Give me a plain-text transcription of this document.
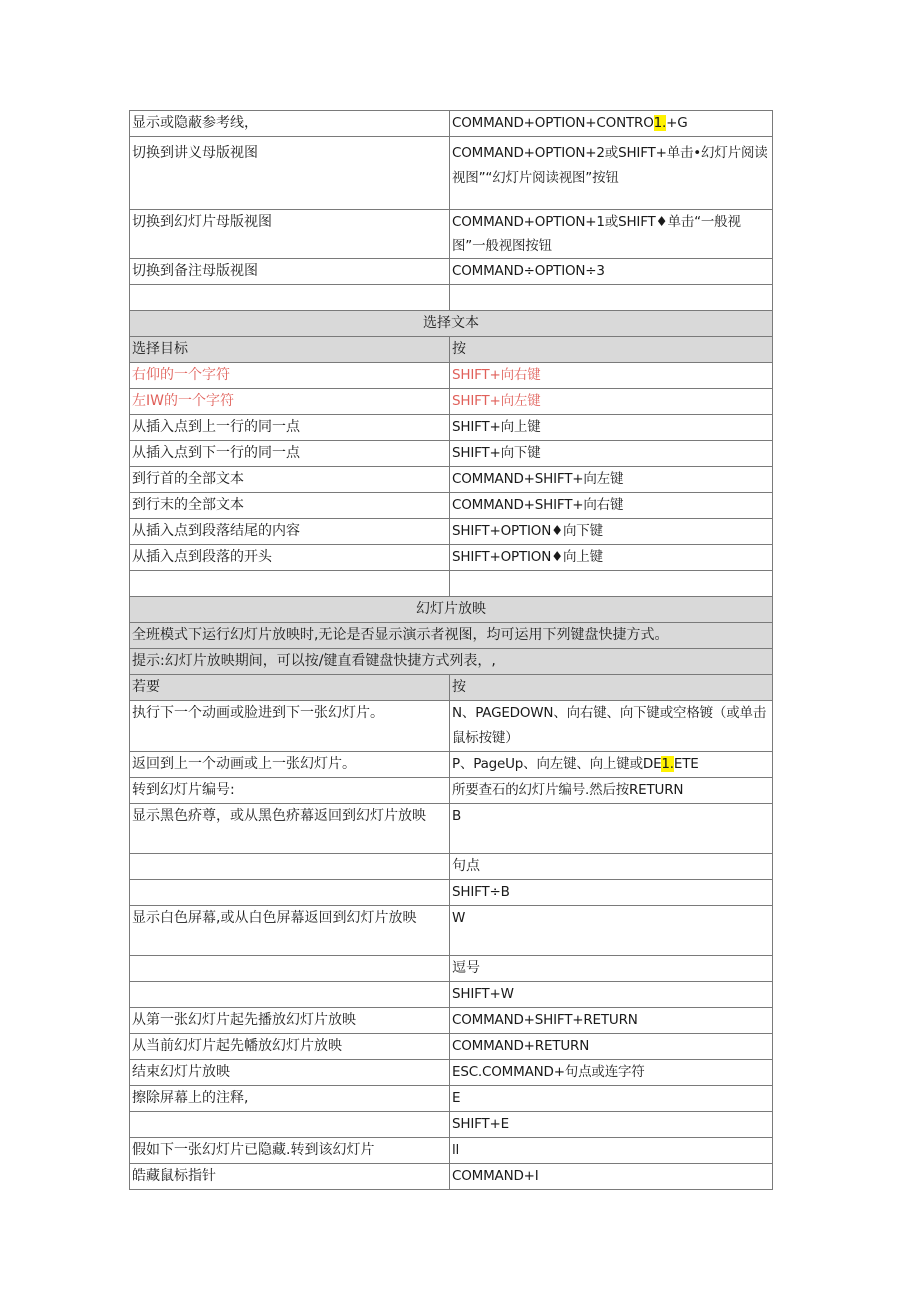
显示或隐蔽参考线，	COMMAND+OPTION+CONTRO1.+G
切换到讲义母版视图	COMMAND+OPTION+2或SHIFT+单击•幻灯片阅读视图”“幻灯片阅读视图”按钮
切换到幻灯片母版视图	COMMAND+OPTION+1或SHIFT♦单击“一般视图”一般视图按钮
切换到备注母版视图	COMMAND÷OPTION÷3

选择文本	
选择目标	按
右仰的一个字符	SHIFT+向右键
左IW的一个字符	SHIFT+向左键
从插入点到上一行的同一点	SHIFT+向上键
从插入点到下一行的同一点	SHIFT+向下键
到行首的全部文本	COMMAND+SHIFT+向左键
到行末的全部文本	COMMAND+SHIFT+向右键
从插入点到段落结尾的内容	SHIFT+OPTION♦向下键
从插入点到段落的开头	SHIFT+OPTION♦向上键

幻灯片放映	
全班模式下运行幻灯片放映时,无论是否显示演示者视图，均可运用下列键盘快捷方式。	
提示:幻灯片放映期间，可以按/键直看键盘快捷方式列表，,	
若要	按
执行下一个动画或脸进到下一张幻灯片。	N、PAGEDOWN、向右键、向下键或空格镀（或单击鼠标按键）
返回到上一个动画或上一张幻灯片。	P、PageUp、向左键、向上键或DE1.ETE
转到幻灯片编号:	所要查石的幻灯片编号.然后按RETURN
显示黑色疥尊，或从黑色疥幕返回到幻灯片放映	B
	句点
	SHIFT÷B
显示白色屏幕,或从白色屏幕返回到幻灯片放映	W
	逗号
	SHIFT+W
从第一张幻灯片起先播放幻灯片放映	COMMAND+SHIFT+RETURN
从当前幻灯片起先幡放幻灯片放映	COMMAND+RETURN
结束幻灯片放映	ESC.COMMAND+句点或连字符
擦除屏幕上的注释,	E
	SHIFT+E
假如下一张幻灯片已隐藏.转到该幻灯片	ll
皓藏鼠标指针	COMMAND+I
